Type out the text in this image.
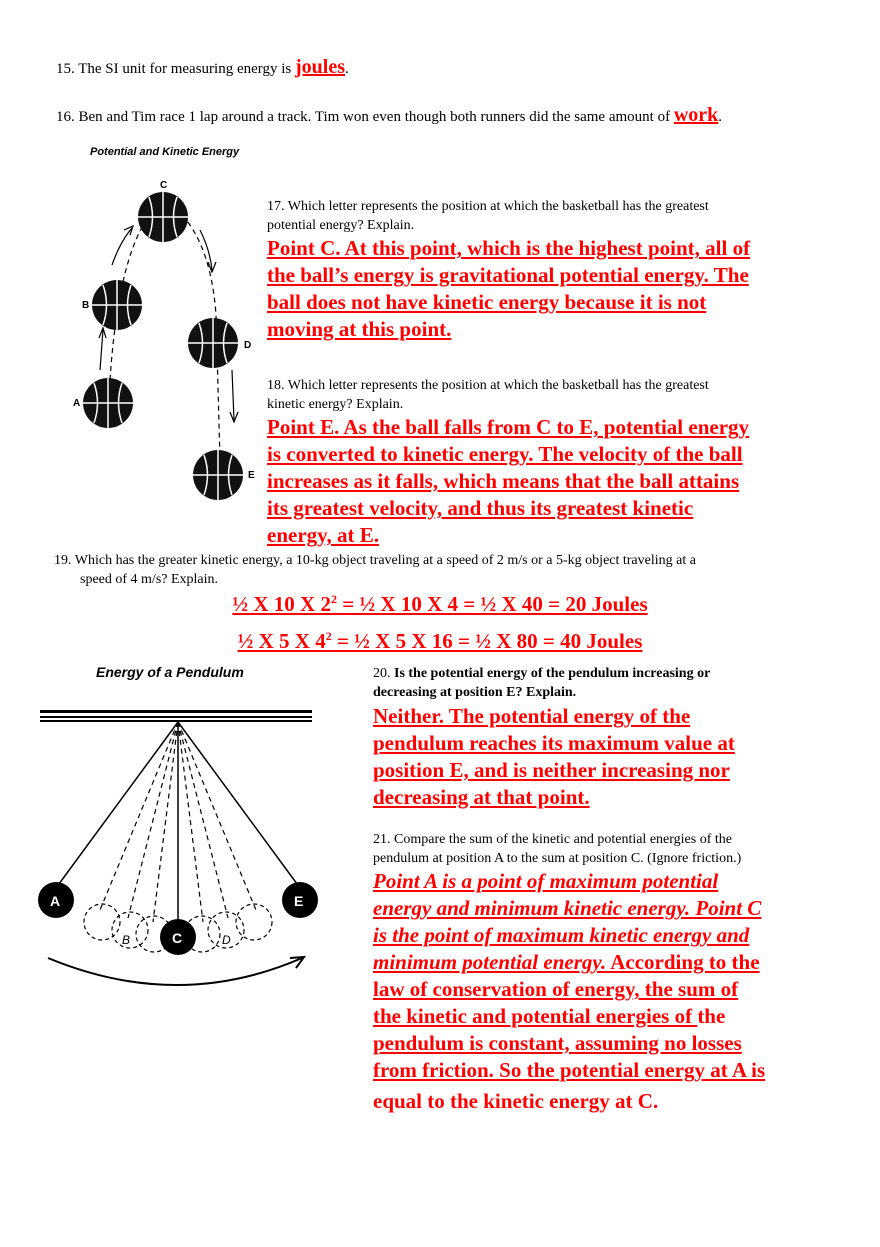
15. The SI unit for measuring energy is joules.
16. Ben and Tim race 1 lap around a track. Tim won even though both runners did the same amount of work.
Potential and Kinetic Energy
C
B
D
A
E
17. Which letter represents the position at which the basketball has the greatest
potential energy? Explain.
Point C. At this point, which is the highest point, all of
the ball’s energy is gravitational potential energy. The
ball does not have kinetic energy because it is not
moving at this point.
18. Which letter represents the position at which the basketball has the greatest
kinetic energy? Explain.
Point E. As the ball falls from C to E, potential energy
is converted to kinetic energy. The velocity of the ball
increases as it falls, which means that the ball attains
its greatest velocity, and thus its greatest kinetic
energy, at E.
19. Which has the greater kinetic energy, a 10-kg object traveling at a speed of 2 m/s or a 5-kg object traveling at a
speed of 4 m/s? Explain.
½ X 10 X $2^2$ = ½ X 10 X 4 = ½ X 40 = 20 Joules
½ X 5 X $4^2$ = ½ X 5 X 16 = ½ X 80 = 40 Joules
Energy of a Pendulum
A
B	C	D
E
20. Is the potential energy of the pendulum increasing or
decreasing at position E? Explain.
Neither. The potential energy of the
pendulum reaches its maximum value at
position E, and is neither increasing nor
decreasing at that point.
21. Compare the sum of the kinetic and potential energies of the
pendulum at position A to the sum at position C. (Ignore friction.)
Point A is a point of maximum potential
energy and minimum kinetic energy. Point C
is the point of maximum kinetic energy and
minimum potential energy. According to the
law of conservation of energy, the sum of
the kinetic and potential energies of the
pendulum is constant, assuming no losses
from friction. So the potential energy at A is
equal to the kinetic energy at C.
